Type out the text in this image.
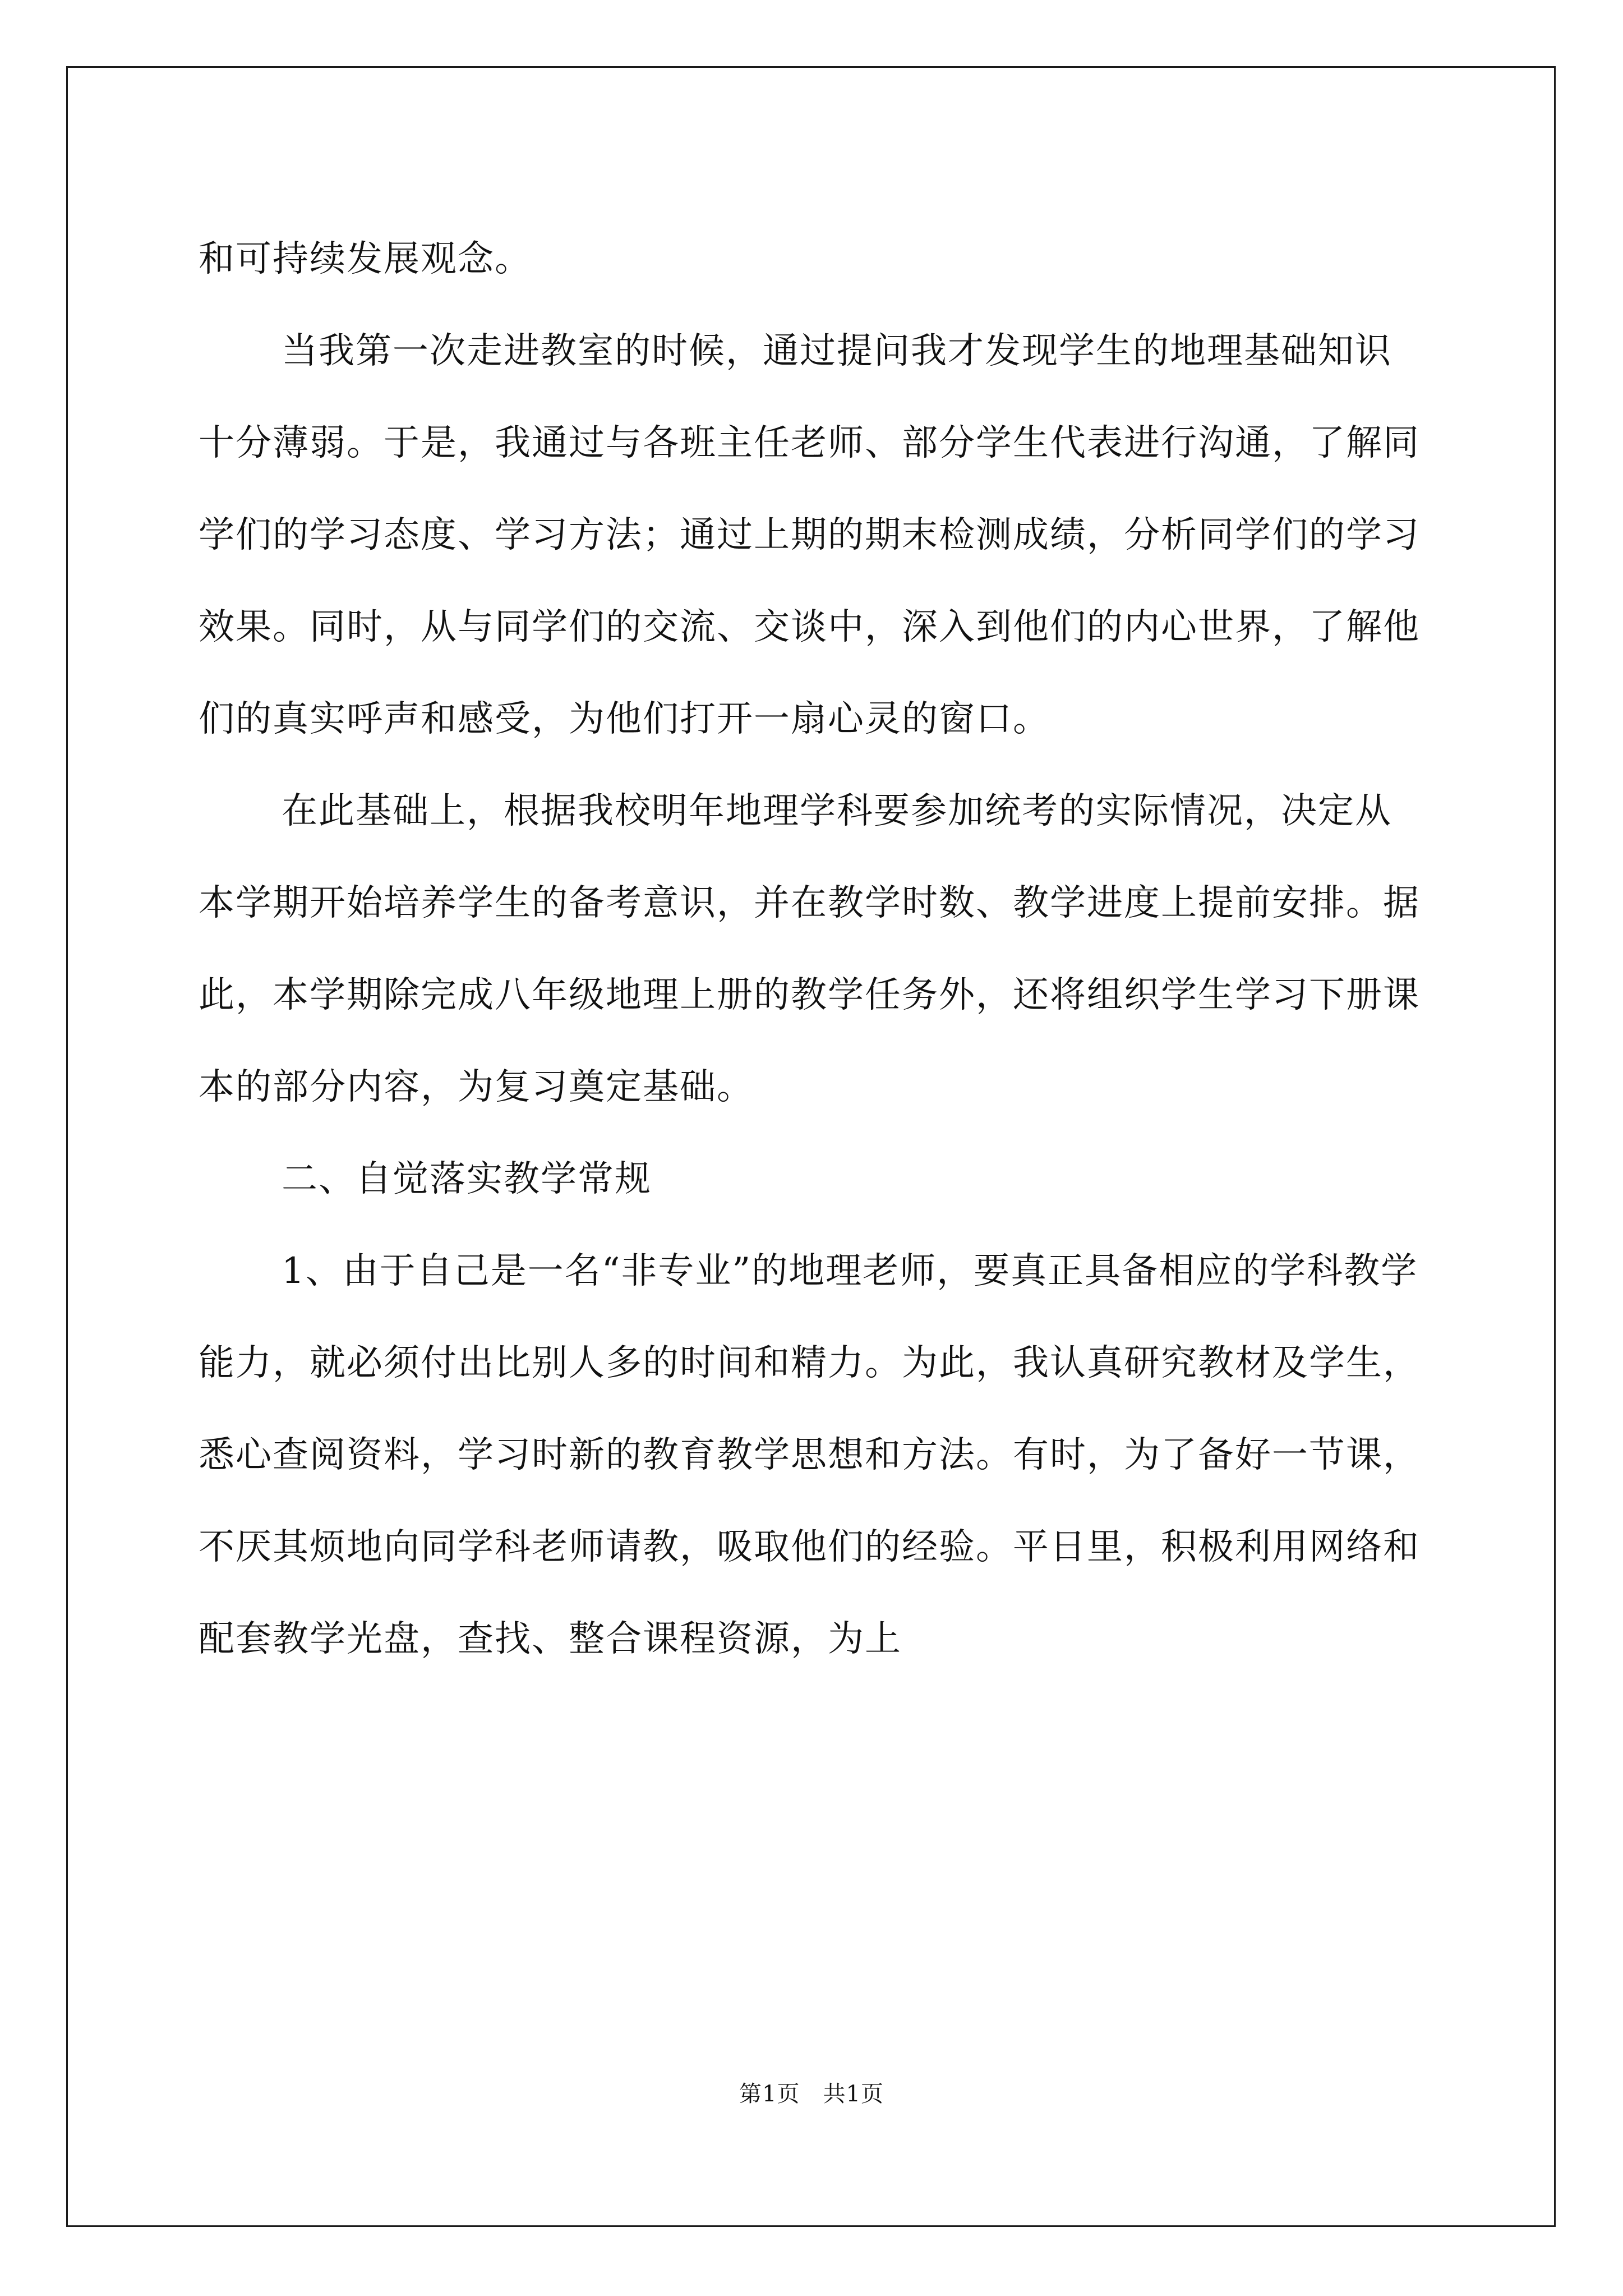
和可持续发展观念。

当我第一次走进教室的时候，通过提问我才发现学生的地理基础知识十分薄弱。于是，我通过与各班主任老师、部分学生代表进行沟通，了解同学们的学习态度、学习方法；通过上期的期末检测成绩，分析同学们的学习效果。同时，从与同学们的交流、交谈中，深入到他们的内心世界，了解他们的真实呼声和感受，为他们打开一扇心灵的窗口。

在此基础上，根据我校明年地理学科要参加统考的实际情况，决定从本学期开始培养学生的备考意识，并在教学时数、教学进度上提前安排。据此，本学期除完成八年级地理上册的教学任务外，还将组织学生学习下册课本的部分内容，为复习奠定基础。

二、自觉落实教学常规

1、由于自己是一名“非专业”的地理老师，要真正具备相应的学科教学能力，就必须付出比别人多的时间和精力。为此，我认真研究教材及学生，悉心查阅资料，学习时新的教育教学思想和方法。有时，为了备好一节课，不厌其烦地向同学科老师请教，吸取他们的经验。平日里，积极利用网络和配套教学光盘，查找、整合课程资源，为上

第1页　共1页
